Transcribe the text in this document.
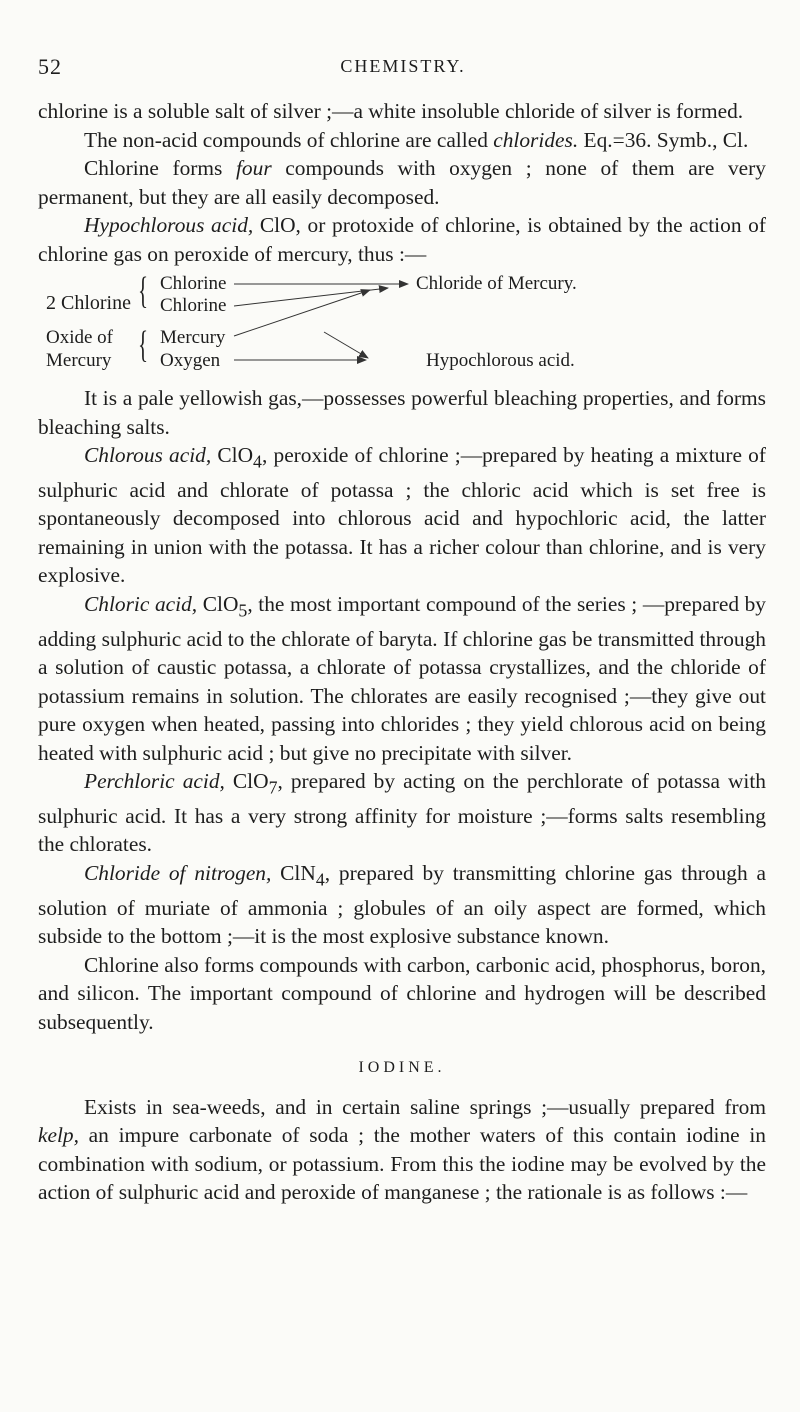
52	CHEMISTRY.

chlorine is a soluble salt of silver ;—a white insoluble chloride of silver is formed.

The non-acid compounds of chlorine are called chlorides. Eq.=36. Symb., Cl.

Chlorine forms four compounds with oxygen ; none of them are very permanent, but they are all easily decomposed.

Hypochlorous acid, ClO, or protoxide of chlorine, is obtained by the action of chlorine gas on peroxide of mercury, thus :—

2 Chlorine { Chlorine
Chlorine
Oxide of
Mercury { Mercury
Oxygen
Chloride of Mercury.
Hypochlorous acid.

It is a pale yellowish gas,—possesses powerful bleaching properties, and forms bleaching salts.

Chlorous acid, ClO$_4$, peroxide of chlorine ;—prepared by heating a mixture of sulphuric acid and chlorate of potassa ; the chloric acid which is set free is spontaneously decomposed into chlorous acid and hypochloric acid, the latter remaining in union with the potassa. It has a richer colour than chlorine, and is very explosive.

Chloric acid, ClO$_5$, the most important compound of the series ; —prepared by adding sulphuric acid to the chlorate of baryta. If chlorine gas be transmitted through a solution of caustic potassa, a chlorate of potassa crystallizes, and the chloride of potassium remains in solution. The chlorates are easily recognised ;—they give out pure oxygen when heated, passing into chlorides ; they yield chlorous acid on being heated with sulphuric acid ; but give no precipitate with silver.

Perchloric acid, ClO$_7$, prepared by acting on the perchlorate of potassa with sulphuric acid. It has a very strong affinity for moisture ;—forms salts resembling the chlorates.

Chloride of nitrogen, ClN$_4$, prepared by transmitting chlorine gas through a solution of muriate of ammonia ; globules of an oily aspect are formed, which subside to the bottom ;—it is the most explosive substance known.

Chlorine also forms compounds with carbon, carbonic acid, phosphorus, boron, and silicon. The important compound of chlorine and hydrogen will be described subsequently.

IODINE.

Exists in sea-weeds, and in certain saline springs ;—usually prepared from kelp, an impure carbonate of soda ; the mother waters of this contain iodine in combination with sodium, or potassium. From this the iodine may be evolved by the action of sulphuric acid and peroxide of manganese ; the rationale is as follows :—
